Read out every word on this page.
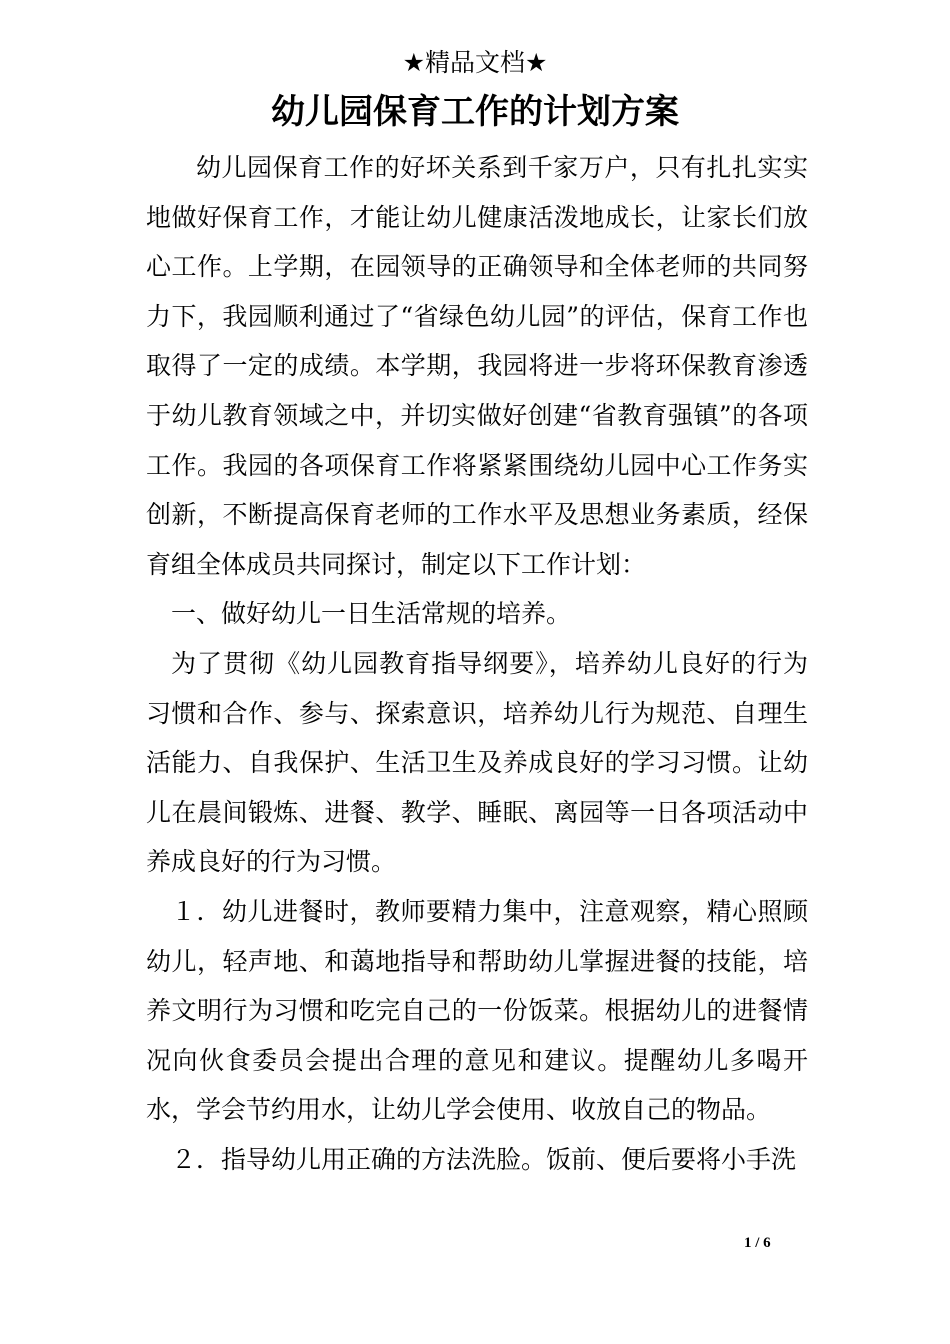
★精品文档★
幼儿园保育工作的计划方案

幼儿园保育工作的好坏关系到千家万户，只有扎扎实实地做好保育工作，才能让幼儿健康活泼地成长，让家长们放心工作。上学期，在园领导的正确领导和全体老师的共同努力下，我园顺利通过了“省绿色幼儿园”的评估，保育工作也取得了一定的成绩。本学期，我园将进一步将环保教育渗透于幼儿教育领域之中，并切实做好创建“省教育强镇”的各项工作。我园的各项保育工作将紧紧围绕幼儿园中心工作务实创新，不断提高保育老师的工作水平及思想业务素质，经保育组全体成员共同探讨，制定以下工作计划：

一、做好幼儿一日生活常规的培养。

为了贯彻《幼儿园教育指导纲要》，培养幼儿良好的行为习惯和合作、参与、探索意识，培养幼儿行为规范、自理生活能力、自我保护、生活卫生及养成良好的学习习惯。让幼儿在晨间锻炼、进餐、教学、睡眠、离园等一日各项活动中养成良好的行为习惯。

１．幼儿进餐时，教师要精力集中，注意观察，精心照顾幼儿，轻声地、和蔼地指导和帮助幼儿掌握进餐的技能，培养文明行为习惯和吃完自己的一份饭菜。根据幼儿的进餐情况向伙食委员会提出合理的意见和建议。提醒幼儿多喝开水，学会节约用水，让幼儿学会使用、收放自己的物品。

２．指导幼儿用正确的方法洗脸。饭前、便后要将小手洗

1 / 6
